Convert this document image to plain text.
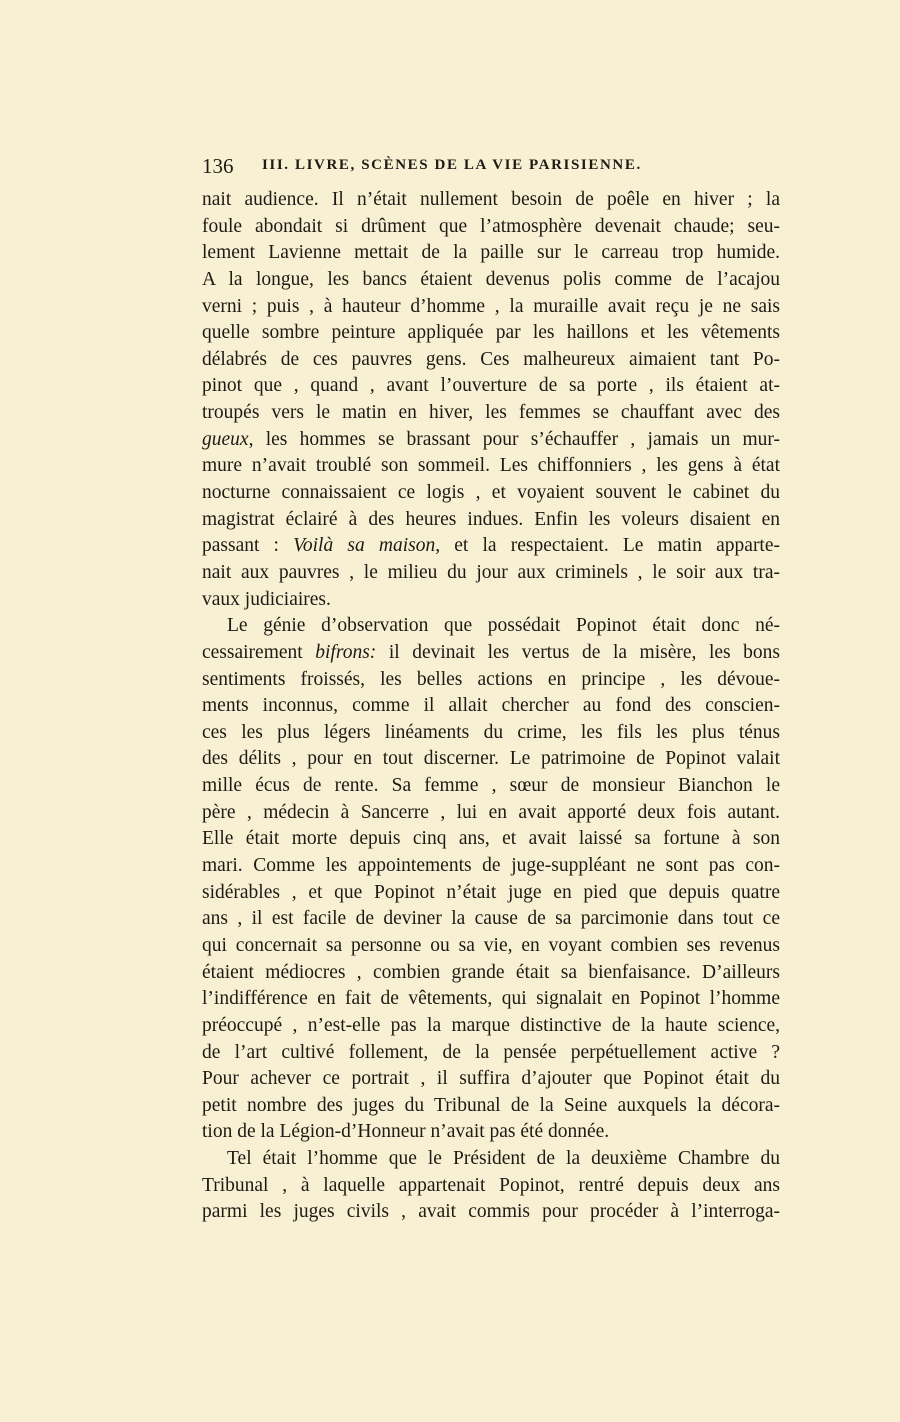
136 III. LIVRE, SCÈNES DE LA VIE PARISIENNE.
nait audience. Il n’était nullement besoin de poêle en hiver ; la
foule abondait si drûment que l’atmosphère devenait chaude; seu-
lement Lavienne mettait de la paille sur le carreau trop humide.
A la longue, les bancs étaient devenus polis comme de l’acajou
verni ; puis , à hauteur d’homme , la muraille avait reçu je ne sais
quelle sombre peinture appliquée par les haillons et les vêtements
délabrés de ces pauvres gens. Ces malheureux aimaient tant Po-
pinot que , quand , avant l’ouverture de sa porte , ils étaient at-
troupés vers le matin en hiver, les femmes se chauffant avec des
gueux, les hommes se brassant pour s’échauffer , jamais un mur-
mure n’avait troublé son sommeil. Les chiffonniers , les gens à état
nocturne connaissaient ce logis , et voyaient souvent le cabinet du
magistrat éclairé à des heures indues. Enfin les voleurs disaient en
passant : Voilà sa maison, et la respectaient. Le matin apparte-
nait aux pauvres , le milieu du jour aux criminels , le soir aux tra-
vaux judiciaires.
Le génie d’observation que possédait Popinot était donc né-
cessairement bifrons: il devinait les vertus de la misère, les bons
sentiments froissés, les belles actions en principe , les dévoue-
ments inconnus, comme il allait chercher au fond des conscien-
ces les plus légers linéaments du crime, les fils les plus ténus
des délits , pour en tout discerner. Le patrimoine de Popinot valait
mille écus de rente. Sa femme , sœur de monsieur Bianchon le
père , médecin à Sancerre , lui en avait apporté deux fois autant.
Elle était morte depuis cinq ans, et avait laissé sa fortune à son
mari. Comme les appointements de juge-suppléant ne sont pas con-
sidérables , et que Popinot n’était juge en pied que depuis quatre
ans , il est facile de deviner la cause de sa parcimonie dans tout ce
qui concernait sa personne ou sa vie, en voyant combien ses revenus
étaient médiocres , combien grande était sa bienfaisance. D’ailleurs
l’indifférence en fait de vêtements, qui signalait en Popinot l’homme
préoccupé , n’est-elle pas la marque distinctive de la haute science,
de l’art cultivé follement, de la pensée perpétuellement active ?
Pour achever ce portrait , il suffira d’ajouter que Popinot était du
petit nombre des juges du Tribunal de la Seine auxquels la décora-
tion de la Légion-d’Honneur n’avait pas été donnée.
Tel était l’homme que le Président de la deuxième Chambre du
Tribunal , à laquelle appartenait Popinot, rentré depuis deux ans
parmi les juges civils , avait commis pour procéder à l’interroga-
